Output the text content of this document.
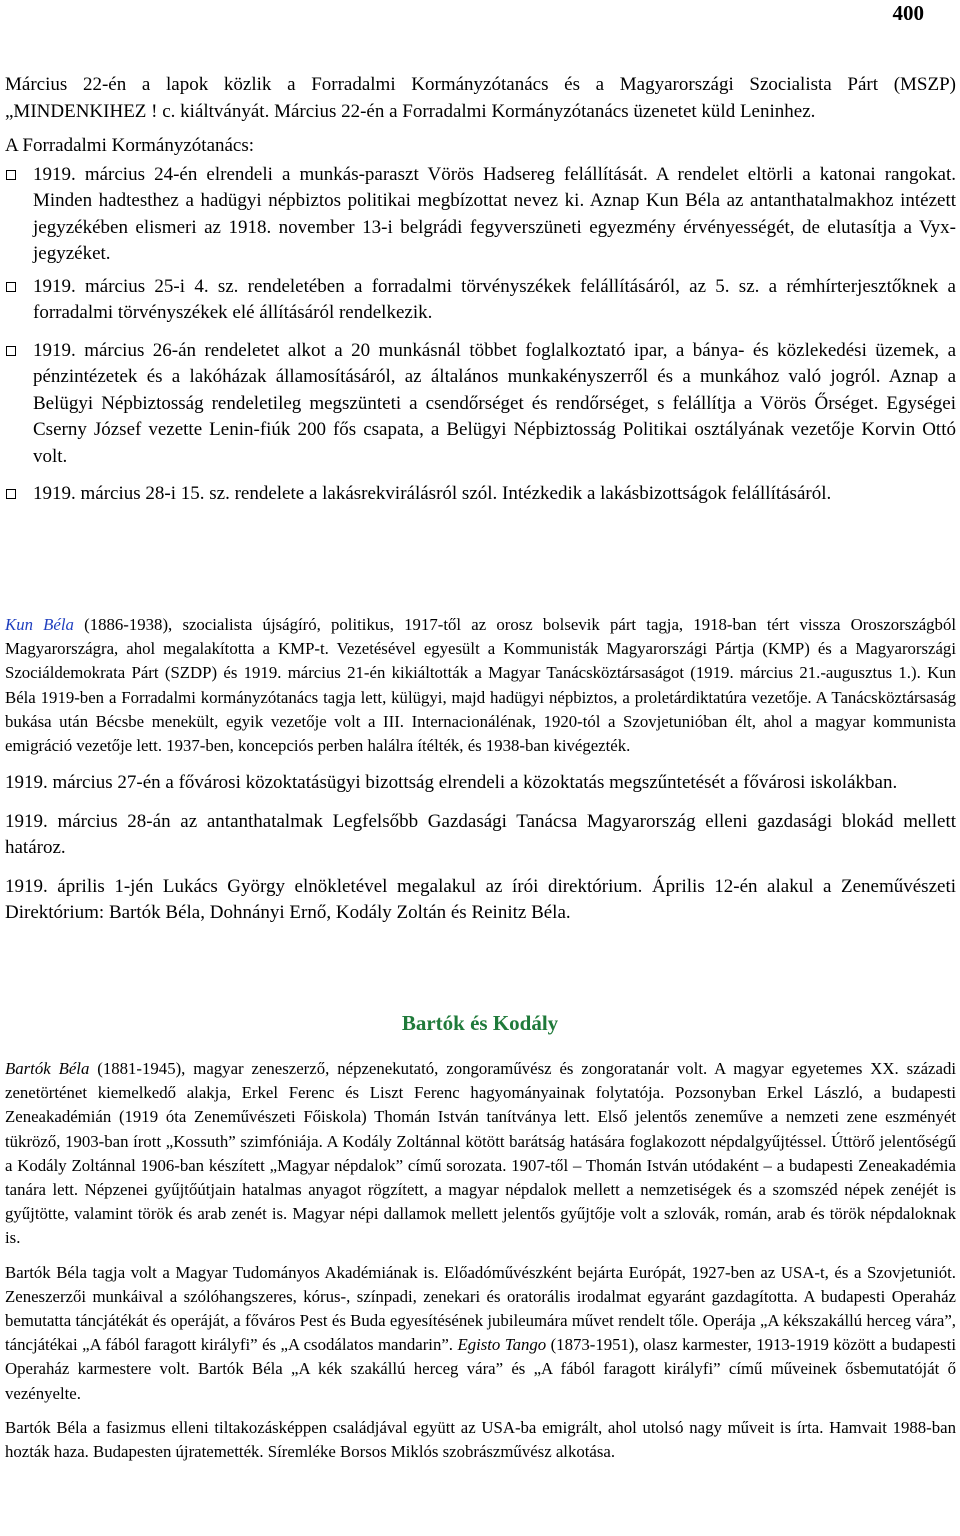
400

Március 22-én a lapok közlik a Forradalmi Kormányzótanács és a Magyarországi Szocialista Párt (MSZP) „MINDENKIHEZ ! c. kiáltványát. Március 22-én a Forradalmi Kormányzótanács üzenetet küld Leninhez.

A Forradalmi Kormányzótanács:

1919. március 24-én elrendeli a munkás-paraszt Vörös Hadsereg felállítását. A rendelet eltörli a katonai rangokat. Minden hadtesthez a hadügyi népbiztos politikai megbízottat nevez ki. Aznap Kun Béla az antanthatalmakhoz intézett jegyzékében elismeri az 1918. november 13-i belgrádi fegyverszüneti egyezmény érvényességét, de elutasítja a Vyx-jegyzéket.

1919. március 25-i 4. sz. rendeletében a forradalmi törvényszékek felállításáról, az 5. sz. a rémhírterjesztőknek a forradalmi törvényszékek elé állításáról rendelkezik.

1919. március 26-án rendeletet alkot a 20 munkásnál többet foglalkoztató ipar, a bánya- és közlekedési üzemek, a pénzintézetek és a lakóházak államosításáról, az általános munkakényszerről és a munkához való jogról. Aznap a Belügyi Népbiztosság rendeletileg megszünteti a csendőrséget és rendőrséget, s felállítja a Vörös Őrséget. Egységei Cserny József vezette Lenin-fiúk 200 fős csapata, a Belügyi Népbiztosság Politikai osztályának vezetője Korvin Ottó volt.

1919. március 28-i 15. sz. rendelete a lakásrekvirálásról szól. Intézkedik a lakásbizottságok felállításáról.

Kun Béla (1886-1938), szocialista újságíró, politikus, 1917-től az orosz bolsevik párt tagja, 1918-ban tért vissza Oroszországból Magyarországra, ahol megalakította a KMP-t. Vezetésével egyesült a Kommunisták Magyarországi Pártja (KMP) és a Magyarországi Szociáldemokrata Párt (SZDP) és 1919. március 21-én kikiáltották a Magyar Tanácsköztársaságot (1919. március 21.-augusztus 1.). Kun Béla 1919-ben a Forradalmi kormányzótanács tagja lett, külügyi, majd hadügyi népbiztos, a proletárdiktatúra vezetője. A Tanácsköztársaság bukása után Bécsbe menekült, egyik vezetője volt a III. Internacionálénak, 1920-tól a Szovjetunióban élt, ahol a magyar kommunista emigráció vezetője lett. 1937-ben, koncepciós perben halálra ítélték, és 1938-ban kivégezték.

1919. március 27-én a fővárosi közoktatásügyi bizottság elrendeli a közoktatás megszűntetését a fővárosi iskolákban.

1919. március 28-án az antanthatalmak Legfelsőbb Gazdasági Tanácsa Magyarország elleni gazdasági blokád mellett határoz.

1919. április 1-jén Lukács György elnökletével megalakul az írói direktórium. Április 12-én alakul a Zeneművészeti Direktórium: Bartók Béla, Dohnányi Ernő, Kodály Zoltán és Reinitz Béla.

Bartók és Kodály

Bartók Béla (1881-1945), magyar zeneszerző, népzenekutató, zongoraművész és zongoratanár volt. A magyar egyetemes XX. századi zenetörténet kiemelkedő alakja, Erkel Ferenc és Liszt Ferenc hagyományainak folytatója. Pozsonyban Erkel László, a budapesti Zeneakadémián (1919 óta Zeneművészeti Főiskola) Thomán István tanítványa lett. Első jelentős zeneműve a nemzeti zene eszményét tükröző, 1903-ban írott „Kossuth” szimfóniája. A Kodály Zoltánnal kötött barátság hatására foglakozott népdalgyűjtéssel. Úttörő jelentőségű a Kodály Zoltánnal 1906-ban készített „Magyar népdalok” című sorozata. 1907-től – Thomán István utódaként – a budapesti Zeneakadémia tanára lett. Népzenei gyűjtőútjain hatalmas anyagot rögzített, a magyar népdalok mellett a nemzetiségek és a szomszéd népek zenéjét is gyűjtötte, valamint török és arab zenét is. Magyar népi dallamok mellett jelentős gyűjtője volt a szlovák, román, arab és török népdaloknak is.

Bartók Béla tagja volt a Magyar Tudományos Akadémiának is. Előadóművészként bejárta Európát, 1927-ben az USA-t, és a Szovjetuniót. Zeneszerzői munkáival a szólóhangszeres, kórus-, színpadi, zenekari és oratorális irodalmat egyaránt gazdagította. A budapesti Operaház bemutatta táncjátékát és operáját, a főváros Pest és Buda egyesítésének jubileumára művet rendelt tőle. Operája „A kékszakállú herceg vára”, táncjátékai „A fából faragott királyfi” és „A csodálatos mandarin”. Egisto Tango (1873-1951), olasz karmester, 1913-1919 között a budapesti Operaház karmestere volt. Bartók Béla „A kék szakállú herceg vára” és „A fából faragott királyfi” című műveinek ősbemutatóját ő vezényelte.

Bartók Béla a fasizmus elleni tiltakozásképpen családjával együtt az USA-ba emigrált, ahol utolsó nagy műveit is írta. Hamvait 1988-ban hozták haza. Budapesten újratemették. Síremléke Borsos Miklós szobrászművész alkotása.
